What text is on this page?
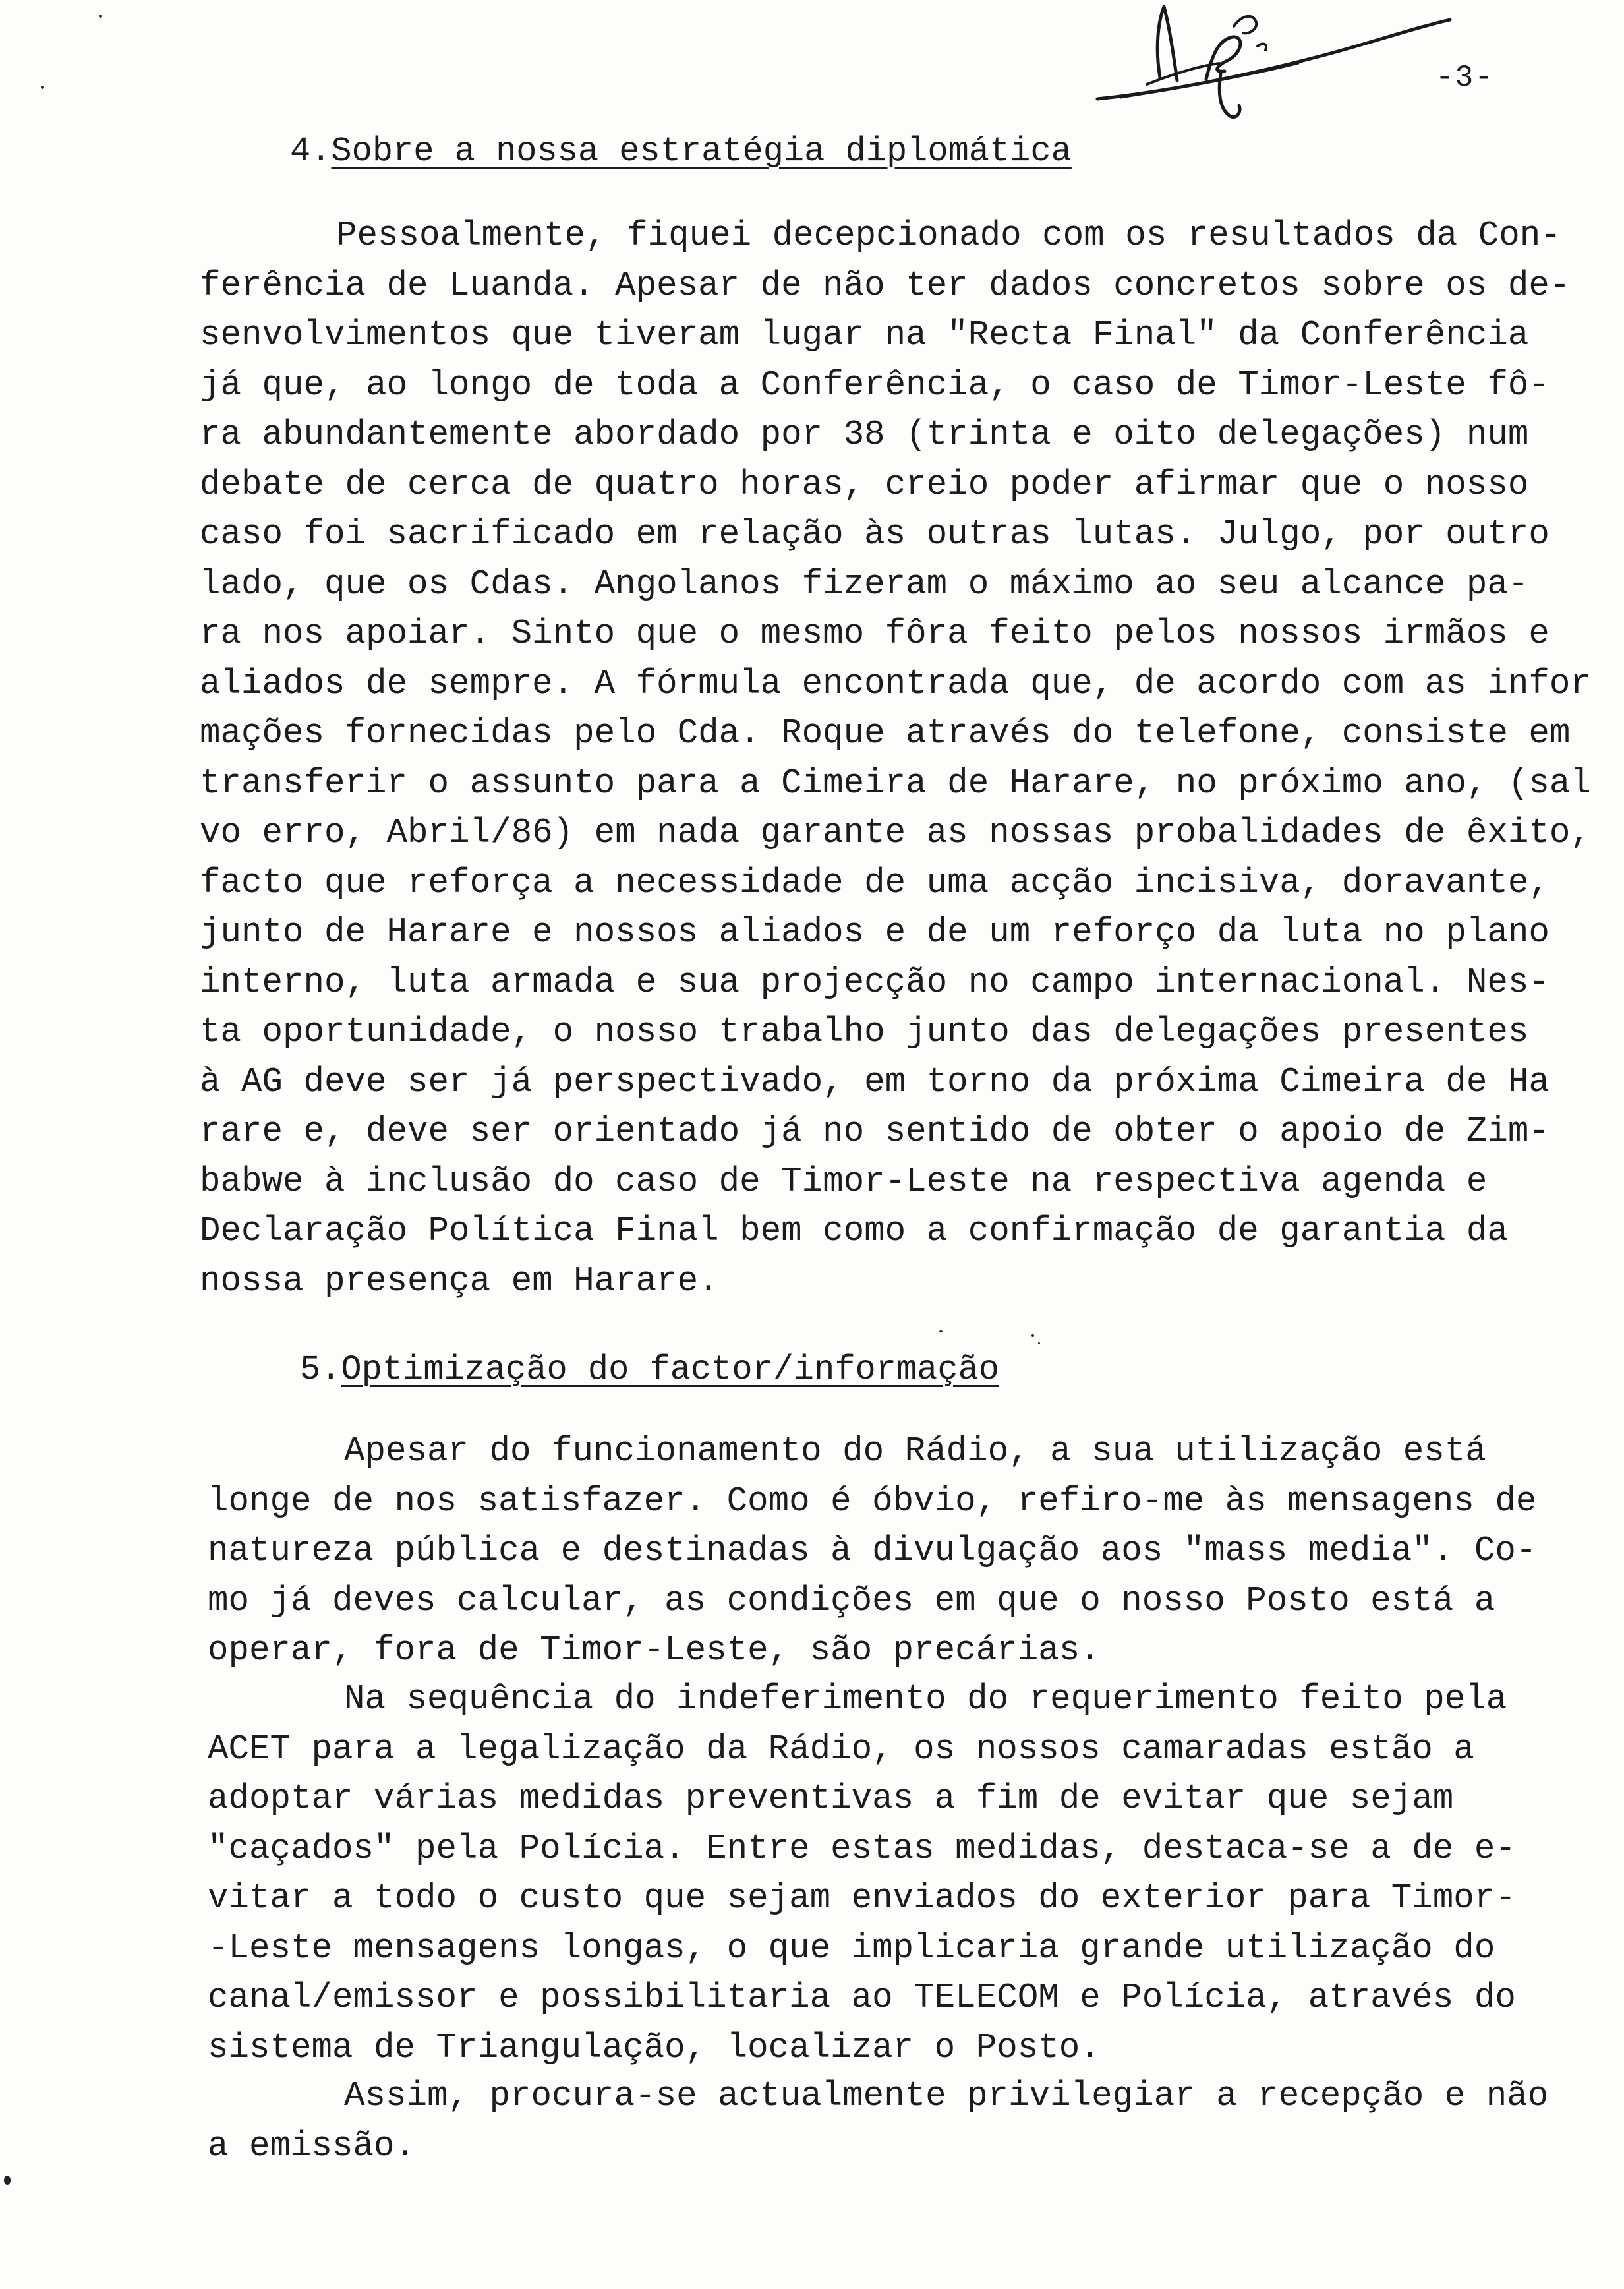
-3-
4.Sobre a nossa estratégia diplomática
Pessoalmente, fiquei decepcionado com os resultados da Con-
ferência de Luanda. Apesar de não ter dados concretos sobre os de-
senvolvimentos que tiveram lugar na "Recta Final" da Conferência
já que, ao longo de toda a Conferência, o caso de Timor-Leste fô-
ra abundantemente abordado por 38 (trinta e oito delegações) num
debate de cerca de quatro horas, creio poder afirmar que o nosso
caso foi sacrificado em relação às outras lutas. Julgo, por outro
lado, que os Cdas. Angolanos fizeram o máximo ao seu alcance pa-
ra nos apoiar. Sinto que o mesmo fôra feito pelos nossos irmãos e
aliados de sempre. A fórmula encontrada que, de acordo com as infor
mações fornecidas pelo Cda. Roque através do telefone, consiste em
transferir o assunto para a Cimeira de Harare, no próximo ano, (sal
vo erro, Abril/86) em nada garante as nossas probalidades de êxito,
facto que reforça a necessidade de uma acção incisiva, doravante,
junto de Harare e nossos aliados e de um reforço da luta no plano
interno, luta armada e sua projecção no campo internacional. Nes-
ta oportunidade, o nosso trabalho junto das delegações presentes
à AG deve ser já perspectivado, em torno da próxima Cimeira de Ha
rare e, deve ser orientado já no sentido de obter o apoio de Zim-
babwe à inclusão do caso de Timor-Leste na respectiva agenda e
Declaração Política Final bem como a confirmação de garantia da
nossa presença em Harare.
5.Optimização do factor/informação
Apesar do funcionamento do Rádio, a sua utilização está
longe de nos satisfazer. Como é óbvio, refiro-me às mensagens de
natureza pública e destinadas à divulgação aos "mass media". Co-
mo já deves calcular, as condições em que o nosso Posto está a
operar, fora de Timor-Leste, são precárias.
Na sequência do indeferimento do requerimento feito pela
ACET para a legalização da Rádio, os nossos camaradas estão a
adoptar várias medidas preventivas a fim de evitar que sejam
"caçados" pela Polícia. Entre estas medidas, destaca-se a de e-
vitar a todo o custo que sejam enviados do exterior para Timor-
-Leste mensagens longas, o que implicaria grande utilização do
canal/emissor e possibilitaria ao TELECOM e Polícia, através do
sistema de Triangulação, localizar o Posto.
Assim, procura-se actualmente privilegiar a recepção e não
a emissão.
